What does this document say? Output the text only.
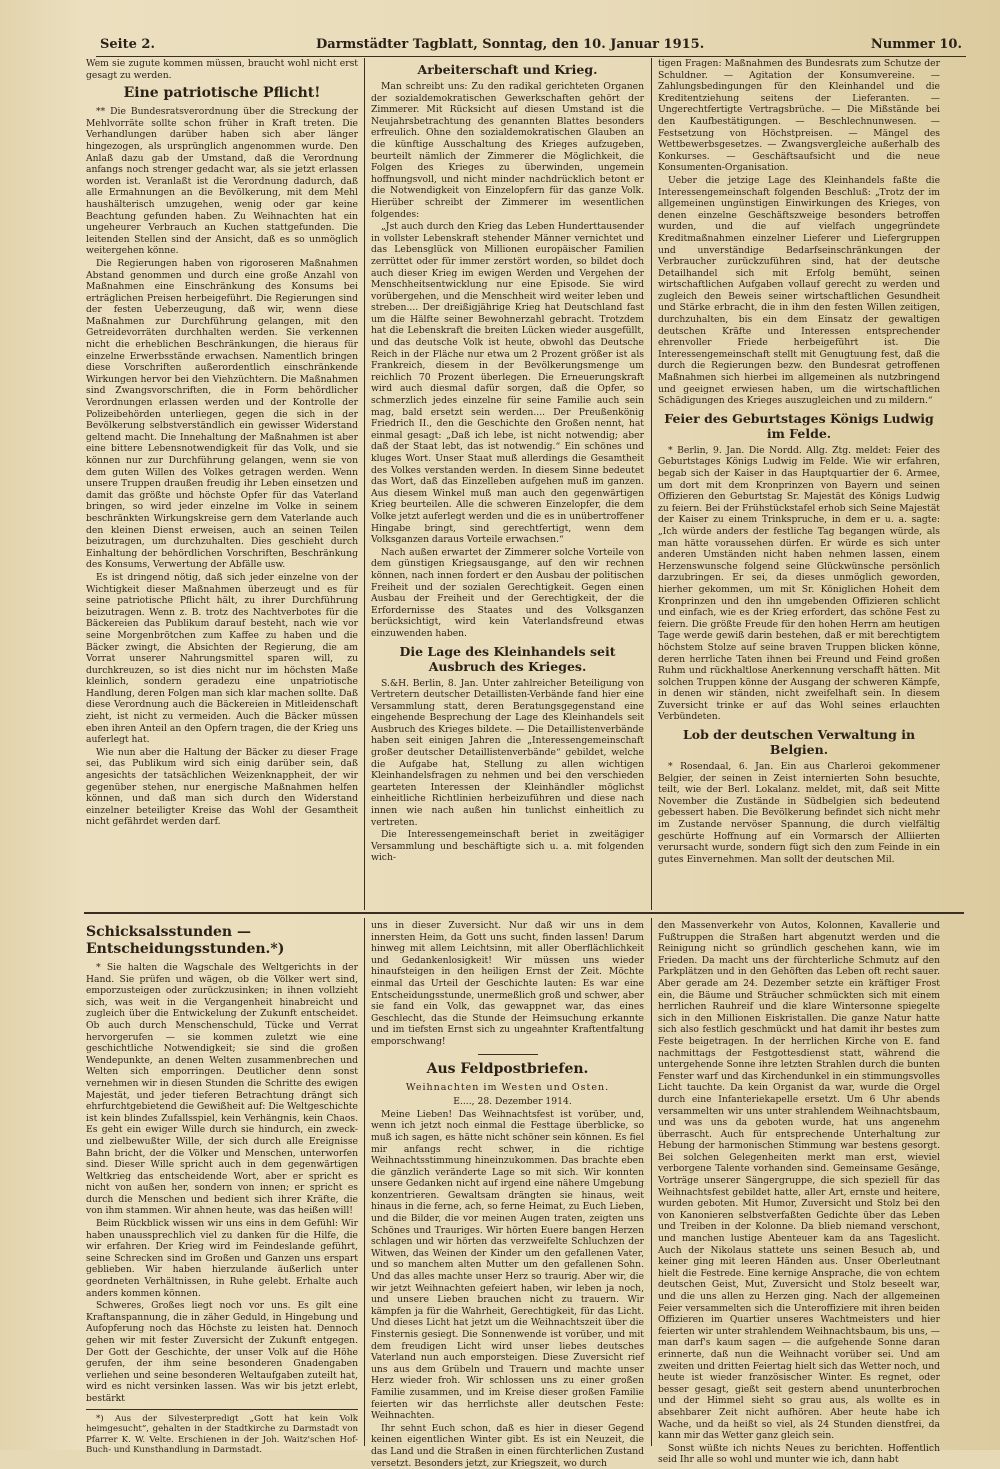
Seite 2.	Darmstädter Tagblatt, Sonntag, den 10. Januar 1915.	Nummer 10.

Wem sie zugute kommen müssen, braucht wohl nicht erst gesagt zu werden.

Eine patriotische Pflicht!

** Die Bundesratsverordnung über die Streckung der Mehlvorräte sollte schon früher in Kraft treten. Die Verhandlungen darüber haben sich aber länger hingezogen, als ursprünglich angenommen wurde. Den Anlaß dazu gab der Umstand, daß die Verordnung anfangs noch strenger gedacht war, als sie jetzt erlassen worden ist. Veranlaßt ist die Verordnung dadurch, daß alle Ermahnungen an die Bevölkerung, mit dem Mehl haushälterisch umzugehen, wenig oder gar keine Beachtung gefunden haben. Zu Weihnachten hat ein ungeheurer Verbrauch an Kuchen stattgefunden. Die leitenden Stellen sind der Ansicht, daß es so unmöglich weitergehen könne.

Die Regierungen haben von rigoroseren Maßnahmen Abstand genommen und durch eine große Anzahl von Maßnahmen eine Einschränkung des Konsums bei erträglichen Preisen herbeigeführt. Die Regierungen sind der festen Ueberzeugung, daß wir, wenn diese Maßnahmen zur Durchführung gelangen, mit den Getreidevorräten durchhalten werden. Sie verkennen nicht die erheblichen Beschränkungen, die hieraus für einzelne Erwerbsstände erwachsen. Namentlich bringen diese Vorschriften außerordentlich einschränkende Wirkungen hervor bei den Viehzüchtern. Die Maßnahmen sind Zwangsvorschriften, die in Form behördlicher Verordnungen erlassen werden und der Kontrolle der Polizeibehörden unterliegen, gegen die sich in der Bevölkerung selbstverständlich ein gewisser Widerstand geltend macht. Die Innehaltung der Maßnahmen ist aber eine bittere Lebensnotwendigkeit für das Volk, und sie können nur zur Durchführung gelangen, wenn sie von dem guten Willen des Volkes getragen werden. Wenn unsere Truppen draußen freudig ihr Leben einsetzen und damit das größte und höchste Opfer für das Vaterland bringen, so wird jeder einzelne im Volke in seinem beschränkten Wirkungskreise gern dem Vaterlande auch den kleinen Dienst erweisen, auch an seinen Teilen beizutragen, um durchzuhalten. Dies geschieht durch Einhaltung der behördlichen Vorschriften, Beschränkung des Konsums, Verwertung der Abfälle usw.

Es ist dringend nötig, daß sich jeder einzelne von der Wichtigkeit dieser Maßnahmen überzeugt und es für seine patriotische Pflicht hält, zu ihrer Durchführung beizutragen. Wenn z. B. trotz des Nachtverbotes für die Bäckereien das Publikum darauf besteht, nach wie vor seine Morgenbrötchen zum Kaffee zu haben und die Bäcker zwingt, die Absichten der Regierung, die am Vorrat unserer Nahrungsmittel sparen will, zu durchkreuzen, so ist dies nicht nur im höchsten Maße kleinlich, sondern geradezu eine unpatriotische Handlung, deren Folgen man sich klar machen sollte. Daß diese Verordnung auch die Bäckereien in Mitleidenschaft zieht, ist nicht zu vermeiden. Auch die Bäcker müssen eben ihren Anteil an den Opfern tragen, die der Krieg uns auferlegt hat.

Wie nun aber die Haltung der Bäcker zu dieser Frage sei, das Publikum wird sich einig darüber sein, daß angesichts der tatsächlichen Weizenknappheit, der wir gegenüber stehen, nur energische Maßnahmen helfen können, und daß man sich durch den Widerstand einzelner beteiligter Kreise das Wohl der Gesamtheit nicht gefährdet werden darf.

Arbeiterschaft und Krieg.

Man schreibt uns: Zu den radikal gerichteten Organen der sozialdemokratischen Gewerkschaften gehört der Zimmerer. Mit Rücksicht auf diesen Umstand ist die Neujahrsbetrachtung des genannten Blattes besonders erfreulich. Ohne den sozialdemokratischen Glauben an die künftige Ausschaltung des Krieges aufzugeben, beurteilt nämlich der Zimmerer die Möglichkeit, die Folgen des Krieges zu überwinden, ungemein hoffnungsvoll, und nicht minder nachdrücklich betont er die Notwendigkeit von Einzelopfern für das ganze Volk. Hierüber schreibt der Zimmerer im wesentlichen folgendes:

„Jst auch durch den Krieg das Leben Hunderttausender in vollster Lebenskraft stehender Männer vernichtet und das Lebensglück von Millionen europäischer Familien zerrüttet oder für immer zerstört worden, so bildet doch auch dieser Krieg im ewigen Werden und Vergehen der Menschheitsentwicklung nur eine Episode. Sie wird vorübergehen, und die Menschheit wird weiter leben und streben.... Der dreißigjährige Krieg hat Deutschland fast um die Hälfte seiner Bewohnerzahl gebracht. Trotzdem hat die Lebenskraft die breiten Lücken wieder ausgefüllt, und das deutsche Volk ist heute, obwohl das Deutsche Reich in der Fläche nur etwa um 2 Prozent größer ist als Frankreich, diesem in der Bevölkerungsmenge um reichlich 70 Prozent überlegen. Die Erneuerungskraft wird auch diesmal dafür sorgen, daß die Opfer, so schmerzlich jedes einzelne für seine Familie auch sein mag, bald ersetzt sein werden.... Der Preußenkönig Friedrich II., den die Geschichte den Großen nennt, hat einmal gesagt: „Daß ich lebe, ist nicht notwendig; aber daß der Staat lebt, das ist notwendig.“ Ein schönes und kluges Wort. Unser Staat muß allerdings die Gesamtheit des Volkes verstanden werden. In diesem Sinne bedeutet das Wort, daß das Einzelleben aufgehen muß im ganzen. Aus diesem Winkel muß man auch den gegenwärtigen Krieg beurteilen. Alle die schweren Einzelopfer, die dem Volke jetzt auferlegt werden und die es in unübertroffener Hingabe bringt, sind gerechtfertigt, wenn dem Volksganzen daraus Vorteile erwachsen.“

Nach außen erwartet der Zimmerer solche Vorteile von dem günstigen Kriegsausgange, auf den wir rechnen können, nach innen fordert er den Ausbau der politischen Freiheit und der sozialen Gerechtigkeit. Gegen einen Ausbau der Freiheit und der Gerechtigkeit, der die Erfordernisse des Staates und des Volksganzen berücksichtigt, wird kein Vaterlandsfreund etwas einzuwenden haben.

Die Lage des Kleinhandels seit Ausbruch des Krieges.

S.&H. Berlin, 8. Jan. Unter zahlreicher Beteiligung von Vertretern deutscher Detaillisten-Verbände fand hier eine Versammlung statt, deren Beratungsgegenstand eine eingehende Besprechung der Lage des Kleinhandels seit Ausbruch des Krieges bildete. — Die Detaillistenverbände haben seit einigen Jahren die „Interessengemeinschaft großer deutscher Detaillistenverbände“ gebildet, welche die Aufgabe hat, Stellung zu allen wichtigen Kleinhandelsfragen zu nehmen und bei den verschieden gearteten Interessen der Kleinhändler möglichst einheitliche Richtlinien herbeizuführen und diese nach innen wie nach außen hin tunlichst einheitlich zu vertreten.

Die Interessengemeinschaft beriet in zweitägiger Versammlung und beschäftigte sich u. a. mit folgenden wich-

tigen Fragen: Maßnahmen des Bundesrats zum Schutze der Schuldner. — Agitation der Konsumvereine. — Zahlungsbedingungen für den Kleinhandel und die Kreditentziehung seitens der Lieferanten. — Ungerechtfertigte Vertragsbrüche. — Die Mißstände bei den Kaufbestätigungen. — Beschlechnunwesen. — Festsetzung von Höchstpreisen. — Mängel des Wettbewerbsgesetzes. — Zwangsvergleiche außerhalb des Konkurses. — Geschäftsaufsicht und die neue Konsumenten-Organisation.

Ueber die jetzige Lage des Kleinhandels faßte die Interessengemeinschaft folgenden Beschluß: „Trotz der im allgemeinen ungünstigen Einwirkungen des Krieges, von denen einzelne Geschäftszweige besonders betroffen wurden, und die auf vielfach ungegründete Kreditmaßnahmen einzelner Lieferer und Liefergruppen und unverständige Bedarfseinschränkungen der Verbraucher zurückzuführen sind, hat der deutsche Detailhandel sich mit Erfolg bemüht, seinen wirtschaftlichen Aufgaben vollauf gerecht zu werden und zugleich den Beweis seiner wirtschaftlichen Gesundheit und Stärke erbracht, die in ihm den festen Willen zeitigen, durchzuhalten, bis ein dem Einsatz der gewaltigen deutschen Kräfte und Interessen entsprechender ehrenvoller Friede herbeigeführt ist. Die Interessengemeinschaft stellt mit Genugtuung fest, daß die durch die Regierungen bezw. den Bundesrat getroffenen Maßnahmen sich hierbei im allgemeinen als nutzbringend und geeignet erwiesen haben, um die wirtschaftlichen Schädigungen des Krieges auszugleichen und zu mildern.“

Feier des Geburtstages Königs Ludwig im Felde.

* Berlin, 9. Jan. Die Nordd. Allg. Ztg. meldet: Feier des Geburtstages Königs Ludwig im Felde. Wie wir erfahren, begab sich der Kaiser in das Hauptquartier der 6. Armee, um dort mit dem Kronprinzen von Bayern und seinen Offizieren den Geburtstag Sr. Majestät des Königs Ludwig zu feiern. Bei der Frühstückstafel erhob sich Seine Majestät der Kaiser zu einem Trinkspruche, in dem er u. a. sagte: „Ich würde anders der festliche Tag begangen würde, als man hätte voraussehen dürfen. Er würde es sich unter anderen Umständen nicht haben nehmen lassen, einem Herzenswunsche folgend seine Glückwünsche persönlich darzubringen. Er sei, da dieses unmöglich geworden, hierher gekommen, um mit Sr. Königlichen Hoheit dem Kronprinzen und den ihn umgebenden Offizieren schlicht und einfach, wie es der Krieg erfordert, das schöne Fest zu feiern. Die größte Freude für den hohen Herrn am heutigen Tage werde gewiß darin bestehen, daß er mit berechtigtem höchstem Stolze auf seine braven Truppen blicken könne, deren herrliche Taten ihnen bei Freund und Feind großen Ruhm und rückhaltlose Anerkennung verschafft hätten. Mit solchen Truppen könne der Ausgang der schweren Kämpfe, in denen wir ständen, nicht zweifelhaft sein. In diesem Zuversicht trinke er auf das Wohl seines erlauchten Verbündeten.

Lob der deutschen Verwaltung in Belgien.

* Rosendaal, 6. Jan. Ein aus Charleroi gekommener Belgier, der seinen in Zeist internierten Sohn besuchte, teilt, wie der Berl. Lokalanz. meldet, mit, daß seit Mitte November die Zustände in Südbelgien sich bedeutend gebessert haben. Die Bevölkerung befindet sich nicht mehr im Zustande nervöser Spannung, die durch vielfältig geschürte Hoffnung auf ein Vormarsch der Alliierten verursacht wurde, sondern fügt sich den zum Feinde in ein gutes Einvernehmen. Man sollt der deutschen Mil.

Schicksalsstunden — Entscheidungsstunden.*)

* Sie halten die Wagschale des Weltgerichts in der Hand. Sie prüfen und wägen, ob die Völker wert sind, emporzusteigen oder zurückzusinken; in ihnen vollzieht sich, was weit in die Vergangenheit hinabreicht und zugleich über die Entwickelung der Zukunft entscheidet. Ob auch durch Menschenschuld, Tücke und Verrat hervorgerufen — sie kommen zuletzt wie eine geschichtliche Notwendigkeit; sie sind die großen Wendepunkte, an denen Welten zusammenbrechen und Welten sich emporringen. Deutlicher denn sonst vernehmen wir in diesen Stunden die Schritte des ewigen Majestät, und jeder tieferen Betrachtung drängt sich ehrfurchtgebietend die Gewißheit auf: Die Weltgeschichte ist kein blindes Zufallsspiel, kein Verhängnis, kein Chaos. Es geht ein ewiger Wille durch sie hindurch, ein zweck- und zielbewußter Wille, der sich durch alle Ereignisse Bahn bricht, der die Völker und Menschen, unterworfen sind. Dieser Wille spricht auch in dem gegenwärtigen Weltkrieg das entscheidende Wort, aber er spricht es nicht von außen her, sondern von innen; er spricht es durch die Menschen und bedient sich ihrer Kräfte, die von ihm stammen. Wir ahnen heute, was das heißen will!

Beim Rückblick wissen wir uns eins in dem Gefühl: Wir haben unaussprechlich viel zu danken für die Hilfe, die wir erfahren. Der Krieg wird im Feindeslande geführt, seine Schrecken sind im Großen und Ganzen uns erspart geblieben. Wir haben hierzulande äußerlich unter geordneten Verhältnissen, in Ruhe gelebt. Erhalte auch anders kommen können.

Schweres, Großes liegt noch vor uns. Es gilt eine Kraftanspannung, die in zäher Geduld, in Hingebung und Aufopferung noch das Höchste zu leisten hat. Dennoch gehen wir mit fester Zuversicht der Zukunft entgegen. Der Gott der Geschichte, der unser Volk auf die Höhe gerufen, der ihm seine besonderen Gnadengaben verliehen und seine besonderen Weltaufgaben zuteilt hat, wird es nicht versinken lassen. Was wir bis jetzt erlebt, bestärkt

*) Aus der Silvesterpredigt „Gott hat kein Volk heimgesucht“, gehalten in der Stadtkirche zu Darmstadt von Pfarrer K. W. Velte. Erschienen in der Joh. Waitz'schen Hof-Buch- und Kunsthandlung in Darmstadt.

uns in dieser Zuversicht. Nur daß wir uns in dem innersten Heim, da Gott uns sucht, finden lassen! Darum hinweg mit allem Leichtsinn, mit aller Oberflächlichkeit und Gedankenlosigkeit! Wir müssen uns wieder hinaufsteigen in den heiligen Ernst der Zeit. Möchte einmal das Urteil der Geschichte lauten: Es war eine Entscheidungsstunde, unermeßlich groß und schwer, aber sie fand ein Volk, das gewappnet war, das eines Geschlecht, das die Stunde der Heimsuchung erkannte und im tiefsten Ernst sich zu ungeahnter Kraftentfaltung emporschwang!

Aus Feldpostbriefen.
Weihnachten im Westen und Osten.

E...., 28. Dezember 1914.

Meine Lieben! Das Weihnachtsfest ist vorüber, und, wenn ich jetzt noch einmal die Festtage überblicke, so muß ich sagen, es hätte nicht schöner sein können. Es fiel mir anfangs recht schwer, in die richtige Weihnachtsstimmung hineinzukommen. Das brachte eben die gänzlich veränderte Lage so mit sich. Wir konnten unsere Gedanken nicht auf irgend eine nähere Umgebung konzentrieren. Gewaltsam drängten sie hinaus, weit hinaus in die ferne, ach, so ferne Heimat, zu Euch Lieben, und die Bilder, die vor meinen Augen traten, zeigten uns Schönes und Trauriges. Wir hörten Euere bangen Herzen schlagen und wir hörten das verzweifelte Schluchzen der Witwen, das Weinen der Kinder um den gefallenen Vater, und so manchem alten Mutter um den gefallenen Sohn. Und das alles machte unser Herz so traurig. Aber wir, die wir jetzt Weihnachten gefeiert haben, wir leben ja noch, und unsere Lieben brauchen nicht zu trauern. Wir kämpfen ja für die Wahrheit, Gerechtigkeit, für das Licht. Und dieses Licht hat jetzt um die Weihnachtszeit über die Finsternis gesiegt. Die Sonnenwende ist vorüber, und mit dem freudigen Licht wird unser liebes deutsches Vaterland nun auch emporsteigen. Diese Zuversicht rief uns aus dem Grübeln und Trauern und machte unser Herz wieder froh. Wir schlossen uns zu einer großen Familie zusammen, und im Kreise dieser großen Familie feierten wir das herrlichste aller deutschen Feste: Weihnachten.

Ihr sehnt Euch schon, daß es hier in dieser Gegend keinen eigentlichen Winter gibt. Es ist ein Neuzeit, die das Land und die Straßen in einen fürchterlichen Zustand versetzt. Besonders jetzt, zur Kriegszeit, wo durch

den Massenverkehr von Autos, Kolonnen, Kavallerie und Fußtruppen die Straßen hart abgenutzt werden und die Reinigung nicht so gründlich geschehen kann, wie im Frieden. Da macht uns der fürchterliche Schmutz auf den Parkplätzen und in den Gehöften das Leben oft recht sauer. Aber gerade am 24. Dezember setzte ein kräftiger Frost ein, die Bäume und Sträucher schmückten sich mit einem herrlichen Rauhreif und die klare Wintersonne spiegelte sich in den Millionen Eiskristallen. Die ganze Natur hatte sich also festlich geschmückt und hat damit ihr bestes zum Feste beigetragen. In der herrlichen Kirche von E. fand nachmittags der Festgottesdienst statt, während die untergehende Sonne ihre letzten Strahlen durch die bunten Fenster warf und das Kirchendunkel in ein stimmungsvolles Licht tauchte. Da kein Organist da war, wurde die Orgel durch eine Infanteriekapelle ersetzt. Um 6 Uhr abends versammelten wir uns unter strahlendem Weihnachtsbaum, und was uns da geboten wurde, hat uns angenehm überrascht. Auch für entsprechende Unterhaltung zur Hebung der harmonischen Stimmung war bestens gesorgt. Bei solchen Gelegenheiten merkt man erst, wieviel verborgene Talente vorhanden sind. Gemeinsame Gesänge, Vorträge unserer Sängergruppe, die sich speziell für das Weihnachtsfest gebildet hatte, aller Art, ernste und heitere, wurden geboten. Mit Humor, Zuversicht und Stolz bei den von Kanonieren selbstverfaßten Gedichte über das Leben und Treiben in der Kolonne. Da blieb niemand verschont, und manchen lustige Abenteuer kam da ans Tageslicht. Auch der Nikolaus stattete uns seinen Besuch ab, und keiner ging mit leeren Händen aus. Unser Oberleutnant hielt die Festrede. Eine kernige Ansprache, die von echtem deutschen Geist, Mut, Zuversicht und Stolz beseelt war, und die uns allen zu Herzen ging. Nach der allgemeinen Feier versammelten sich die Unteroffiziere mit ihren beiden Offizieren im Quartier unseres Wachtmeisters und hier feierten wir unter strahlendem Weihnachtsbaum, bis uns, — man darf's kaum sagen — die aufgehende Sonne daran erinnerte, daß nun die Weihnacht vorüber sei. Und am zweiten und dritten Feiertag hielt sich das Wetter noch, und heute ist wieder französischer Winter. Es regnet, oder besser gesagt, gießt seit gestern abend ununterbrochen und der Himmel sieht so grau aus, als wollte es in absehbarer Zeit nicht aufhören. Aber heute habe ich Wache, und da heißt so viel, als 24 Stunden dienstfrei, da kann mir das Wetter ganz gleich sein.

Sonst wüßte ich nichts Neues zu berichten. Hoffentlich seid Ihr alle so wohl und munter wie ich, dann habt
